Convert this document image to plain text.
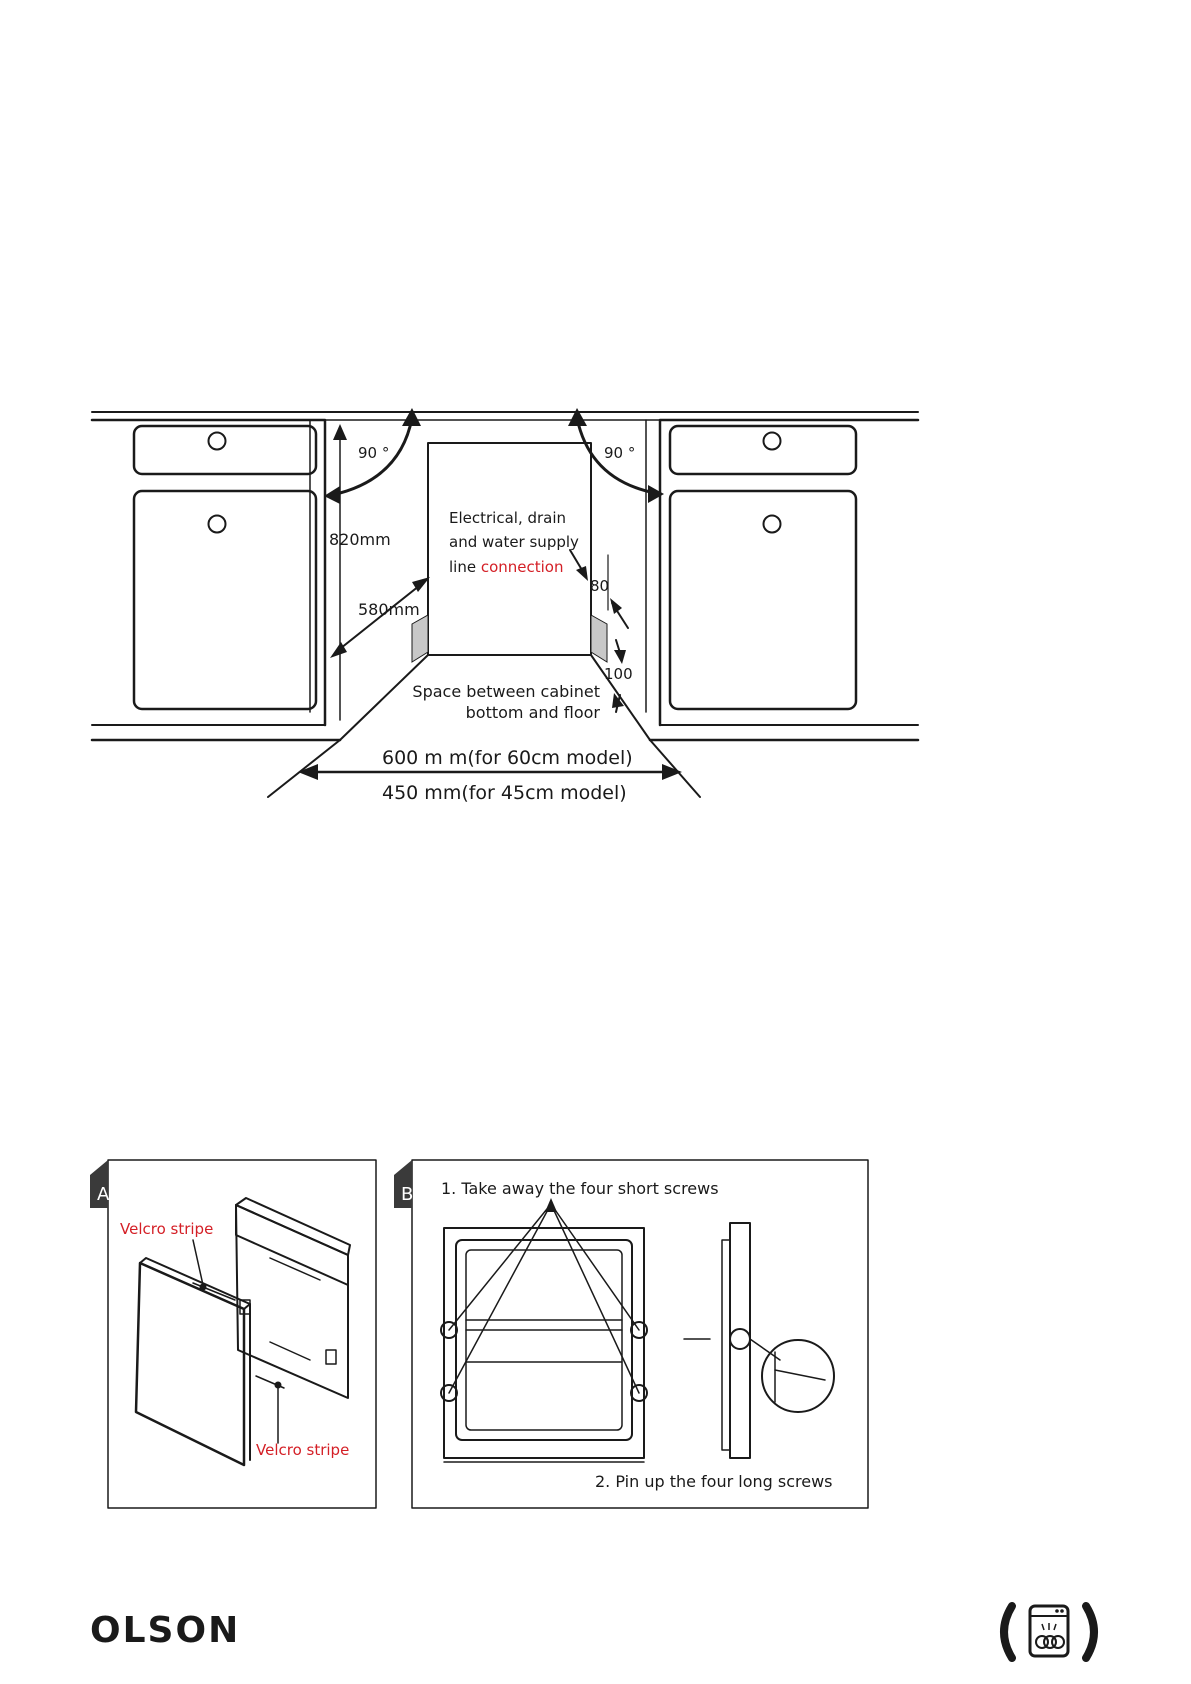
90 °	90 °
820mm
580mm
Electrical, drain
and water supply
line connection
80
100
Space between cabinet
bottom and floor
600 m m(for 60cm model)
450 mm(for 45cm model)
A
Velcro stripe
Velcro stripe
B 1. Take away the four short screws
2. Pin up the four long screws
OLSON
